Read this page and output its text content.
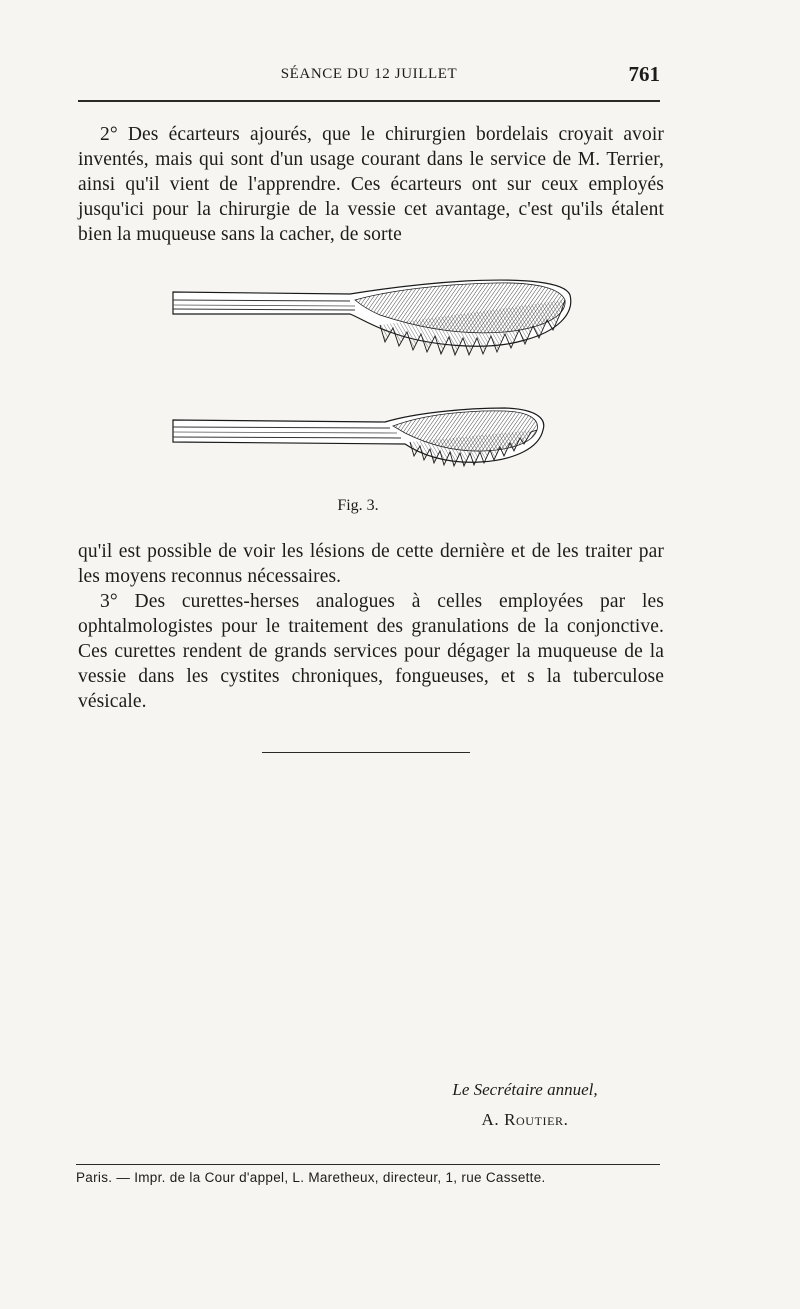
SÉANCE DU 12 JUILLET	761

2° Des écarteurs ajourés, que le chirurgien bordelais croyait avoir inventés, mais qui sont d'un usage courant dans le service de M. Terrier, ainsi qu'il vient de l'apprendre. Ces écarteurs ont sur ceux employés jusqu'ici pour la chirurgie de la vessie cet avantage, c'est qu'ils étalent bien la muqueuse sans la cacher, de sorte

Fig. 3.

qu'il est possible de voir les lésions de cette dernière et de les traiter par les moyens reconnus nécessaires.

3° Des curettes-herses analogues à celles employées par les ophtalmologistes pour le traitement des granulations de la conjonctive. Ces curettes rendent de grands services pour dégager la muqueuse de la vessie dans les cystites chroniques, fongueuses, et s la tuberculose vésicale.

Le Secrétaire annuel,
A. Routier.
Paris. — Impr. de la Cour d'appel, L. Maretheux, directeur, 1, rue Cassette.
